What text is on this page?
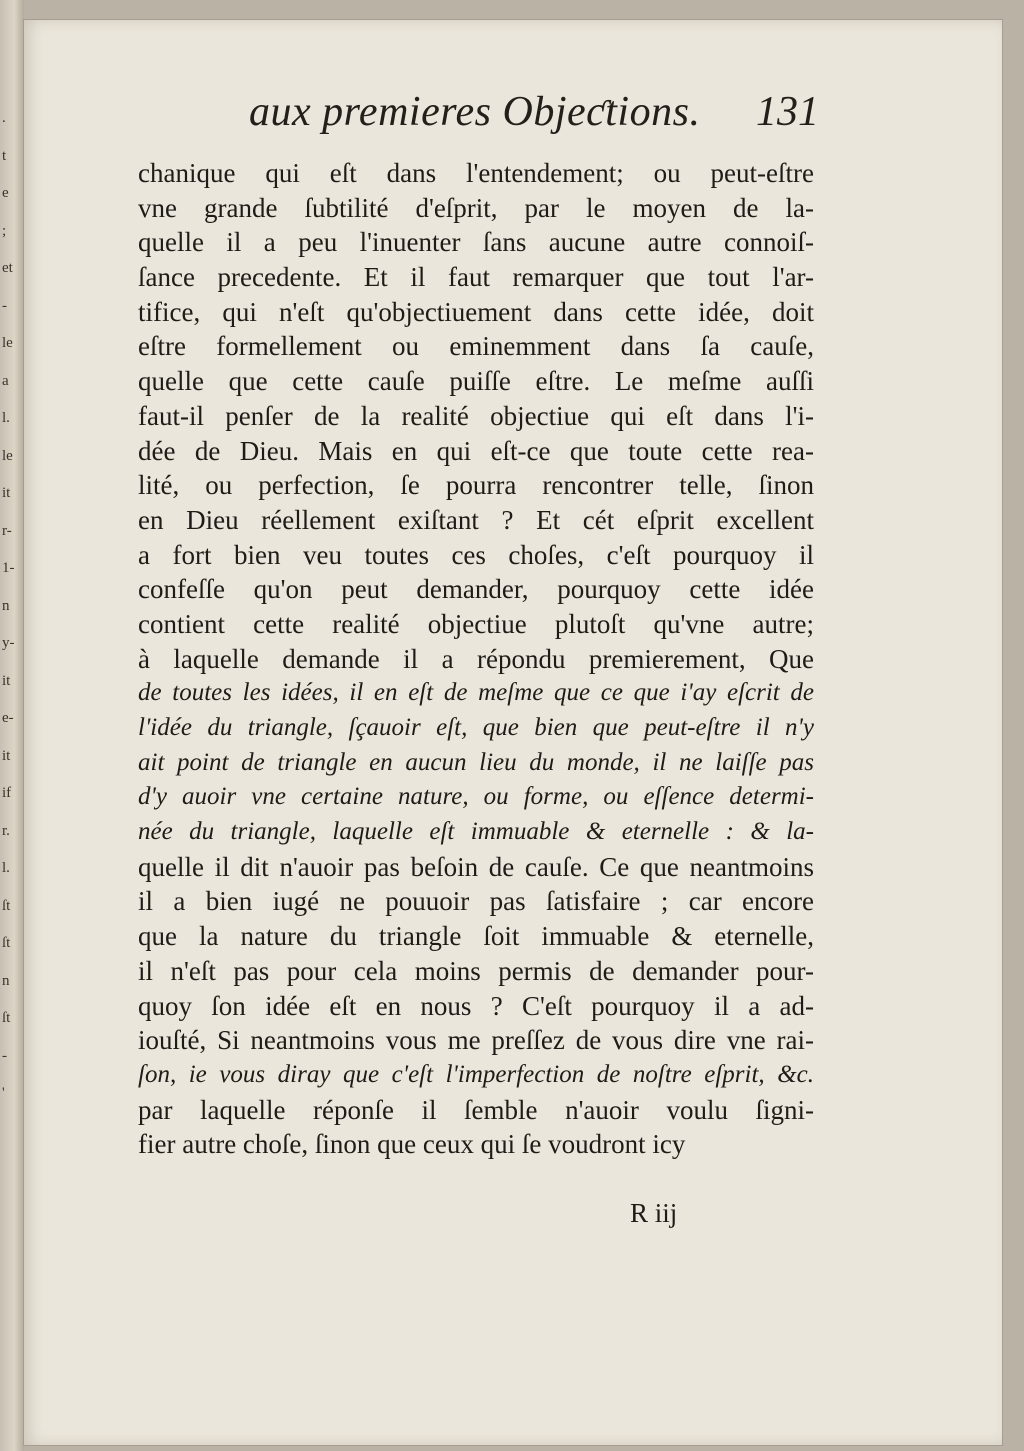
.
t
e
;
et
-
le
a
l.
le
it
r-
1-
n
y-
it
e-
it
if
r.
l.
ſt
ſt
n
ſt
-
'
aux premieres Objeƈtions. 131
chanique qui eſt dans l'entendement; ou peut-eſtre
vne grande ſubtilité d'eſprit, par le moyen de la-
quelle il a peu l'inuenter ſans aucune autre connoiſ-
ſance precedente. Et il faut remarquer que tout l'ar-
tifice, qui n'eſt qu'objectiuement dans cette idée, doit
eſtre formellement ou eminemment dans ſa cauſe,
quelle que cette cauſe puiſſe eſtre. Le meſme auſſi
faut-il penſer de la realité objectiue qui eſt dans l'i-
dée de Dieu. Mais en qui eſt-ce que toute cette rea-
lité, ou perfection, ſe pourra rencontrer telle, ſinon
en Dieu réellement exiſtant ? Et cét eſprit excellent
a fort bien veu toutes ces choſes, c'eſt pourquoy il
confeſſe qu'on peut demander, pourquoy cette idée
contient cette realité objectiue plutoſt qu'vne autre;
à laquelle demande il a répondu premierement, Que
de toutes les idées, il en eſt de meſme que ce que i'ay eſcrit de
l'idée du triangle, ſçauoir eſt, que bien que peut-eſtre il n'y
ait point de triangle en aucun lieu du monde, il ne laiſſe pas
d'y auoir vne certaine nature, ou forme, ou eſſence determi-
née du triangle, laquelle eſt immuable & eternelle : & la-
quelle il dit n'auoir pas beſoin de cauſe. Ce que neantmoins
il a bien iugé ne pouuoir pas ſatisfaire ; car encore
que la nature du triangle ſoit immuable & eternelle,
il n'eſt pas pour cela moins permis de demander pour-
quoy ſon idée eſt en nous ? C'eſt pourquoy il a ad-
iouſté, Si neantmoins vous me preſſez de vous dire vne rai-
ſon, ie vous diray que c'eſt l'imperfection de noſtre eſprit, &c.
par laquelle réponſe il ſemble n'auoir voulu ſigni-
fier autre choſe, ſinon que ceux qui ſe voudront icy
R iij
